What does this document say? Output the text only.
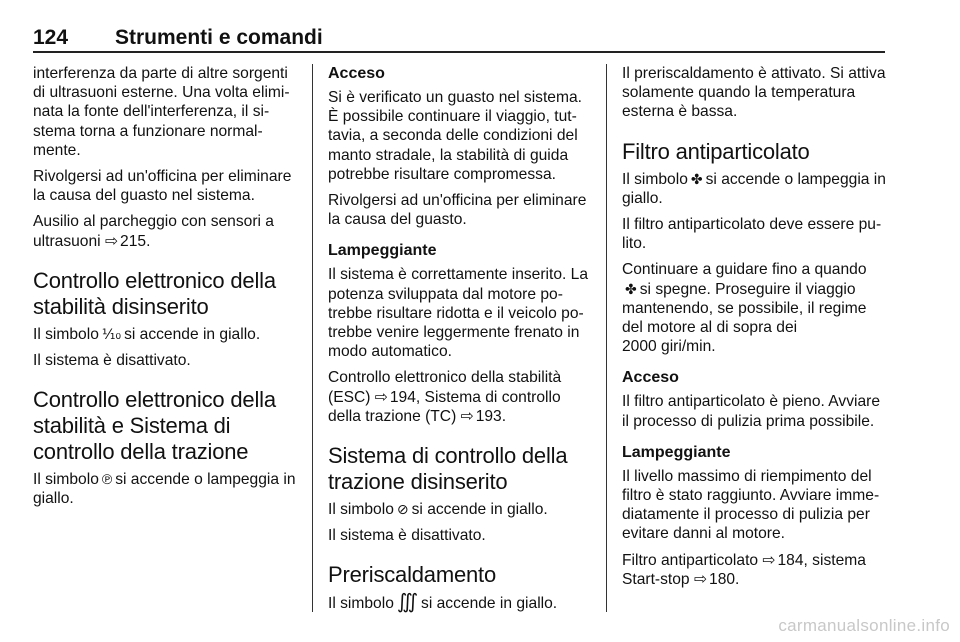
124 Strumenti e comandi

interferenza da parte di altre sorgenti di ultrasuoni esterne. Una volta eliminata la fonte dell'interferenza, il sistema torna a funzionare normalmente.

Rivolgersi ad un'officina per eliminare la causa del guasto nel sistema.

Ausilio al parcheggio con sensori a ultrasuoni ⇨ 215.

Controllo elettronico della stabilità disinserito

Il simbolo ⅒ si accende in giallo.

Il sistema è disattivato.

Controllo elettronico della stabilità e Sistema di controllo della trazione

Il simbolo ℗ si accende o lampeggia in giallo.

Acceso

Si è verificato un guasto nel sistema. È possibile continuare il viaggio, tuttavia, a seconda delle condizioni del manto stradale, la stabilità di guida potrebbe risultare compromessa.

Rivolgersi ad un'officina per eliminare la causa del guasto.

Lampeggiante

Il sistema è correttamente inserito. La potenza sviluppata dal motore potrebbe risultare ridotta e il veicolo potrebbe venire leggermente frenato in modo automatico.

Controllo elettronico della stabilità (ESC) ⇨ 194, Sistema di controllo della trazione (TC) ⇨ 193.

Sistema di controllo della trazione disinserito

Il simbolo ⊘ si accende in giallo.

Il sistema è disattivato.

Preriscaldamento

Il simbolo ∭ si accende in giallo.

Il preriscaldamento è attivato. Si attiva solamente quando la temperatura esterna è bassa.

Filtro antiparticolato

Il simbolo ✤ si accende o lampeggia in giallo.

Il filtro antiparticolato deve essere pulito.

Continuare a guidare fino a quando ✤ si spegne. Proseguire il viaggio mantenendo, se possibile, il regime del motore al di sopra dei 2000 giri/min.

Acceso

Il filtro antiparticolato è pieno. Avviare il processo di pulizia prima possibile.

Lampeggiante

Il livello massimo di riempimento del filtro è stato raggiunto. Avviare immediatamente il processo di pulizia per evitare danni al motore.

Filtro antiparticolato ⇨ 184, sistema Start-stop ⇨ 180.

carmanualsonline.info
